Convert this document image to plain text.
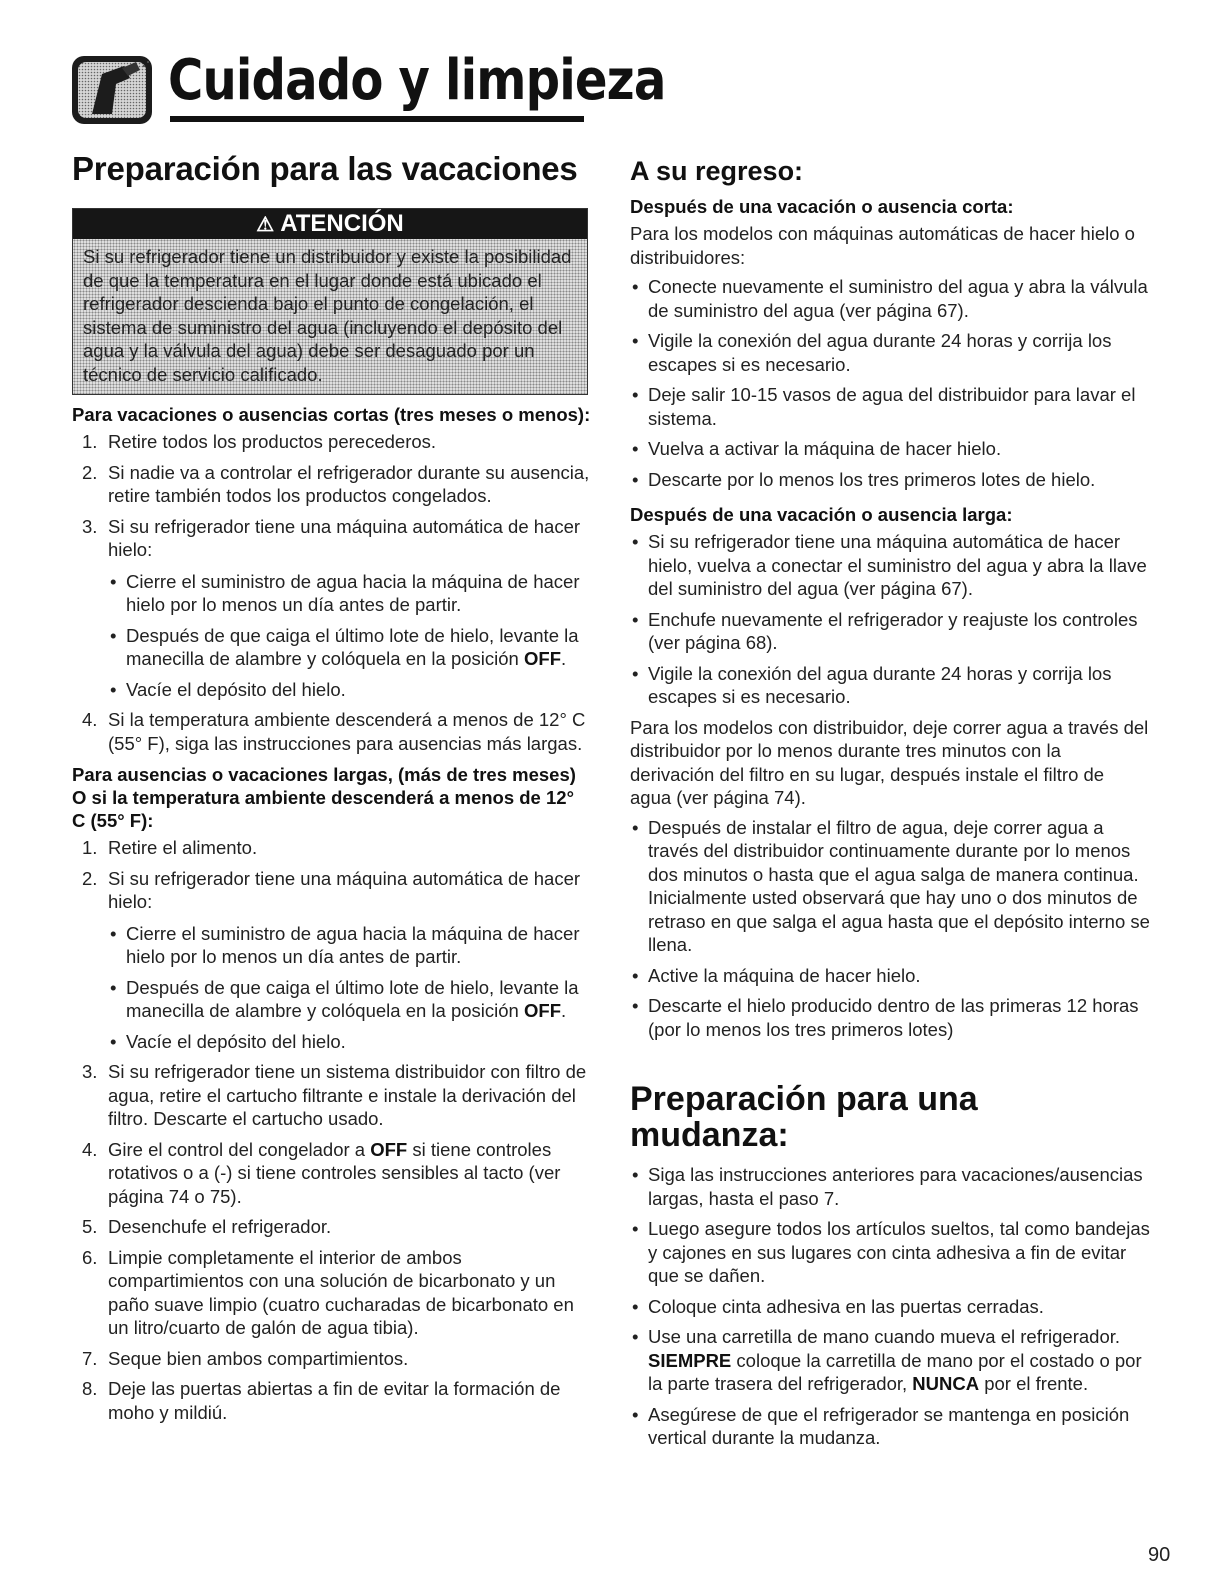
Cuidado y limpieza
Preparación para las vacaciones
⚠ ATENCIÓN
Si su refrigerador tiene un distribuidor y existe la posibilidad de que la temperatura en el lugar donde está ubicado el refrigerador descienda bajo el punto de congelación, el sistema de suministro del agua (incluyendo el depósito del agua y la válvula del agua) debe ser desaguado por un técnico de servicio calificado.
Para vacaciones o ausencias cortas (tres meses o menos):
1. Retire todos los productos perecederos.
2. Si nadie va a controlar el refrigerador durante su ausencia, retire también todos los productos congelados.
3. Si su refrigerador tiene una máquina automática de hacer hielo:
• Cierre el suministro de agua hacia la máquina de hacer hielo por lo menos un día antes de partir.
• Después de que caiga el último lote de hielo, levante la manecilla de alambre y colóquela en la posición OFF.
• Vacíe el depósito del hielo.
4. Si la temperatura ambiente descenderá a menos de 12° C (55° F), siga las instrucciones para ausencias más largas.
Para ausencias o vacaciones largas, (más de tres meses) O si la temperatura ambiente descenderá a menos de 12° C (55° F):
1. Retire el alimento.
2. Si su refrigerador tiene una máquina automática de hacer hielo:
• Cierre el suministro de agua hacia la máquina de hacer hielo por lo menos un día antes de partir.
• Después de que caiga el último lote de hielo, levante la manecilla de alambre y colóquela en la posición OFF.
• Vacíe el depósito del hielo.
3. Si su refrigerador tiene un sistema distribuidor con filtro de agua, retire el cartucho filtrante e instale la derivación del filtro. Descarte el cartucho usado.
4. Gire el control del congelador a OFF si tiene controles rotativos o a (-) si tiene controles sensibles al tacto (ver página 74 o 75).
5. Desenchufe el refrigerador.
6. Limpie completamente el interior de ambos compartimientos con una solución de bicarbonato y un paño suave limpio (cuatro cucharadas de bicarbonato en un litro/cuarto de galón de agua tibia).
7. Seque bien ambos compartimientos.
8. Deje las puertas abiertas a fin de evitar la formación de moho y mildiú.
A su regreso:
Después de una vacación o ausencia corta:

Para los modelos con máquinas automáticas de hacer hielo o distribuidores:

• Conecte nuevamente el suministro del agua y abra la válvula de suministro del agua (ver página 67).
• Vigile la conexión del agua durante 24 horas y corrija los escapes si es necesario.
• Deje salir 10-15 vasos de agua del distribuidor para lavar el sistema.
• Vuelva a activar la máquina de hacer hielo.
• Descarte por lo menos los tres primeros lotes de hielo.
Después de una vacación o ausencia larga:
• Si su refrigerador tiene una máquina automática de hacer hielo, vuelva a conectar el suministro del agua y abra la llave del suministro del agua (ver página 67).
• Enchufe nuevamente el refrigerador y reajuste los controles (ver página 68).
• Vigile la conexión del agua durante 24 horas y corrija los escapes si es necesario.

Para los modelos con distribuidor, deje correr agua a través del distribuidor por lo menos durante tres minutos con la derivación del filtro en su lugar, después instale el filtro de agua (ver página 74).

• Después de instalar el filtro de agua, deje correr agua a través del distribuidor continuamente durante por lo menos dos minutos o hasta que el agua salga de manera continua. Inicialmente usted observará que hay uno o dos minutos de retraso en que salga el agua hasta que el depósito interno se llena.
• Active la máquina de hacer hielo.
• Descarte el hielo producido dentro de las primeras 12 horas (por lo menos los tres primeros lotes)
Preparación para una
mudanza:
• Siga las instrucciones anteriores para vacaciones/ausencias largas, hasta el paso 7.
• Luego asegure todos los artículos sueltos, tal como bandejas y cajones en sus lugares con cinta adhesiva a fin de evitar que se dañen.
• Coloque cinta adhesiva en las puertas cerradas.
• Use una carretilla de mano cuando mueva el refrigerador. SIEMPRE coloque la carretilla de mano por el costado o por la parte trasera del refrigerador, NUNCA por el frente.
• Asegúrese de que el refrigerador se mantenga en posición vertical durante la mudanza.
90
